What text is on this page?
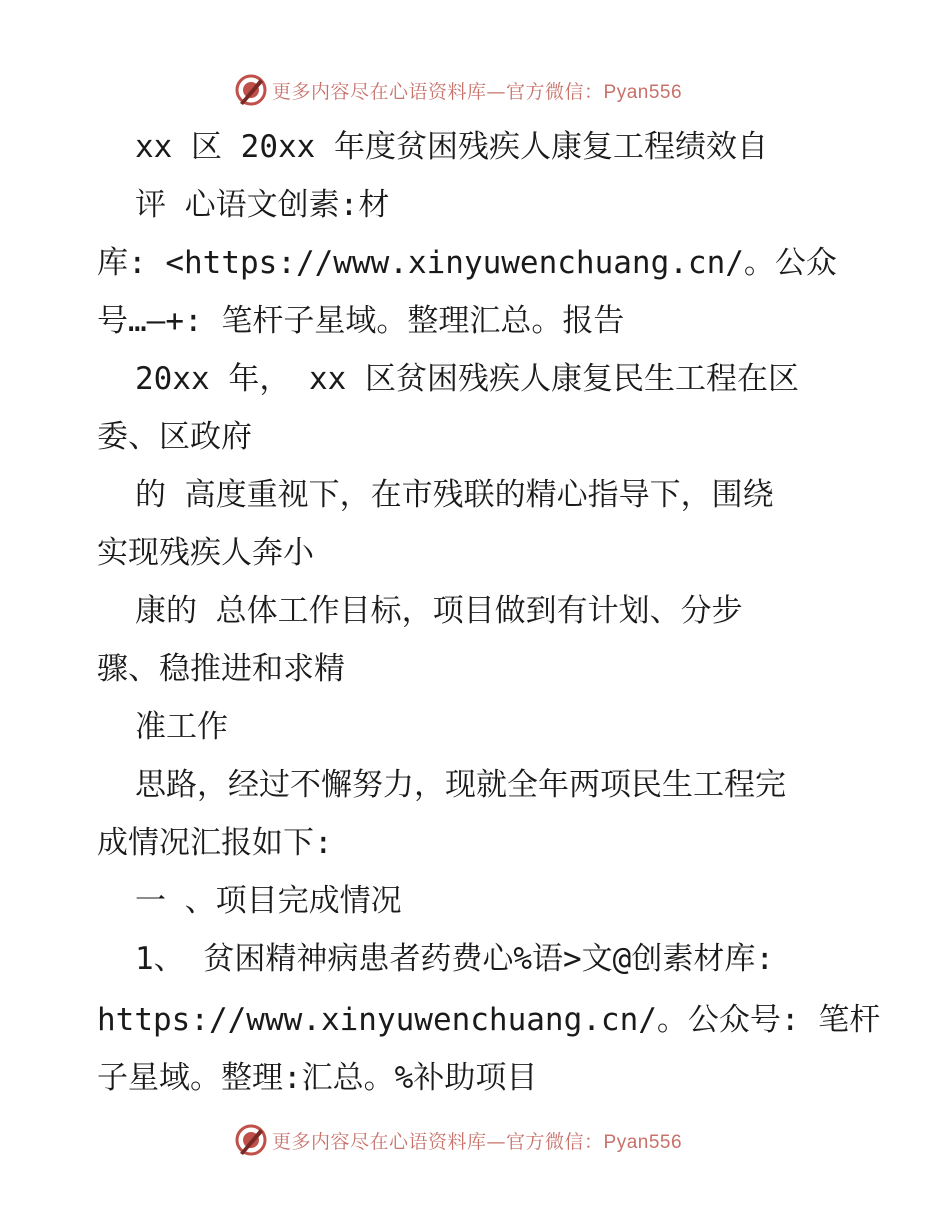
更多内容尽在心语资料库—官方微信：Pyan556
xx 区 20xx 年度贫困残疾人康复工程绩效自
评 心语文创素:材
库: <https://www.xinyuwenchuang.cn/。公众
号…—+: 笔杆子星域。整理汇总。报告
20xx 年， xx 区贫困残疾人康复民生工程在区
委、区政府
的 高度重视下，在市残联的精心指导下，围绕
实现残疾人奔小
康的 总体工作目标，项目做到有计划、分步
骤、稳推进和求精
准工作
思路，经过不懈努力，现就全年两项民生工程完
成情况汇报如下:
一 、项目完成情况
1、 贫困精神病患者药费心%语>文@创素材库:
https://www.xinyuwenchuang.cn/。公众号: 笔杆
子星域。整理:汇总。%补助项目
更多内容尽在心语资料库—官方微信：Pyan556
